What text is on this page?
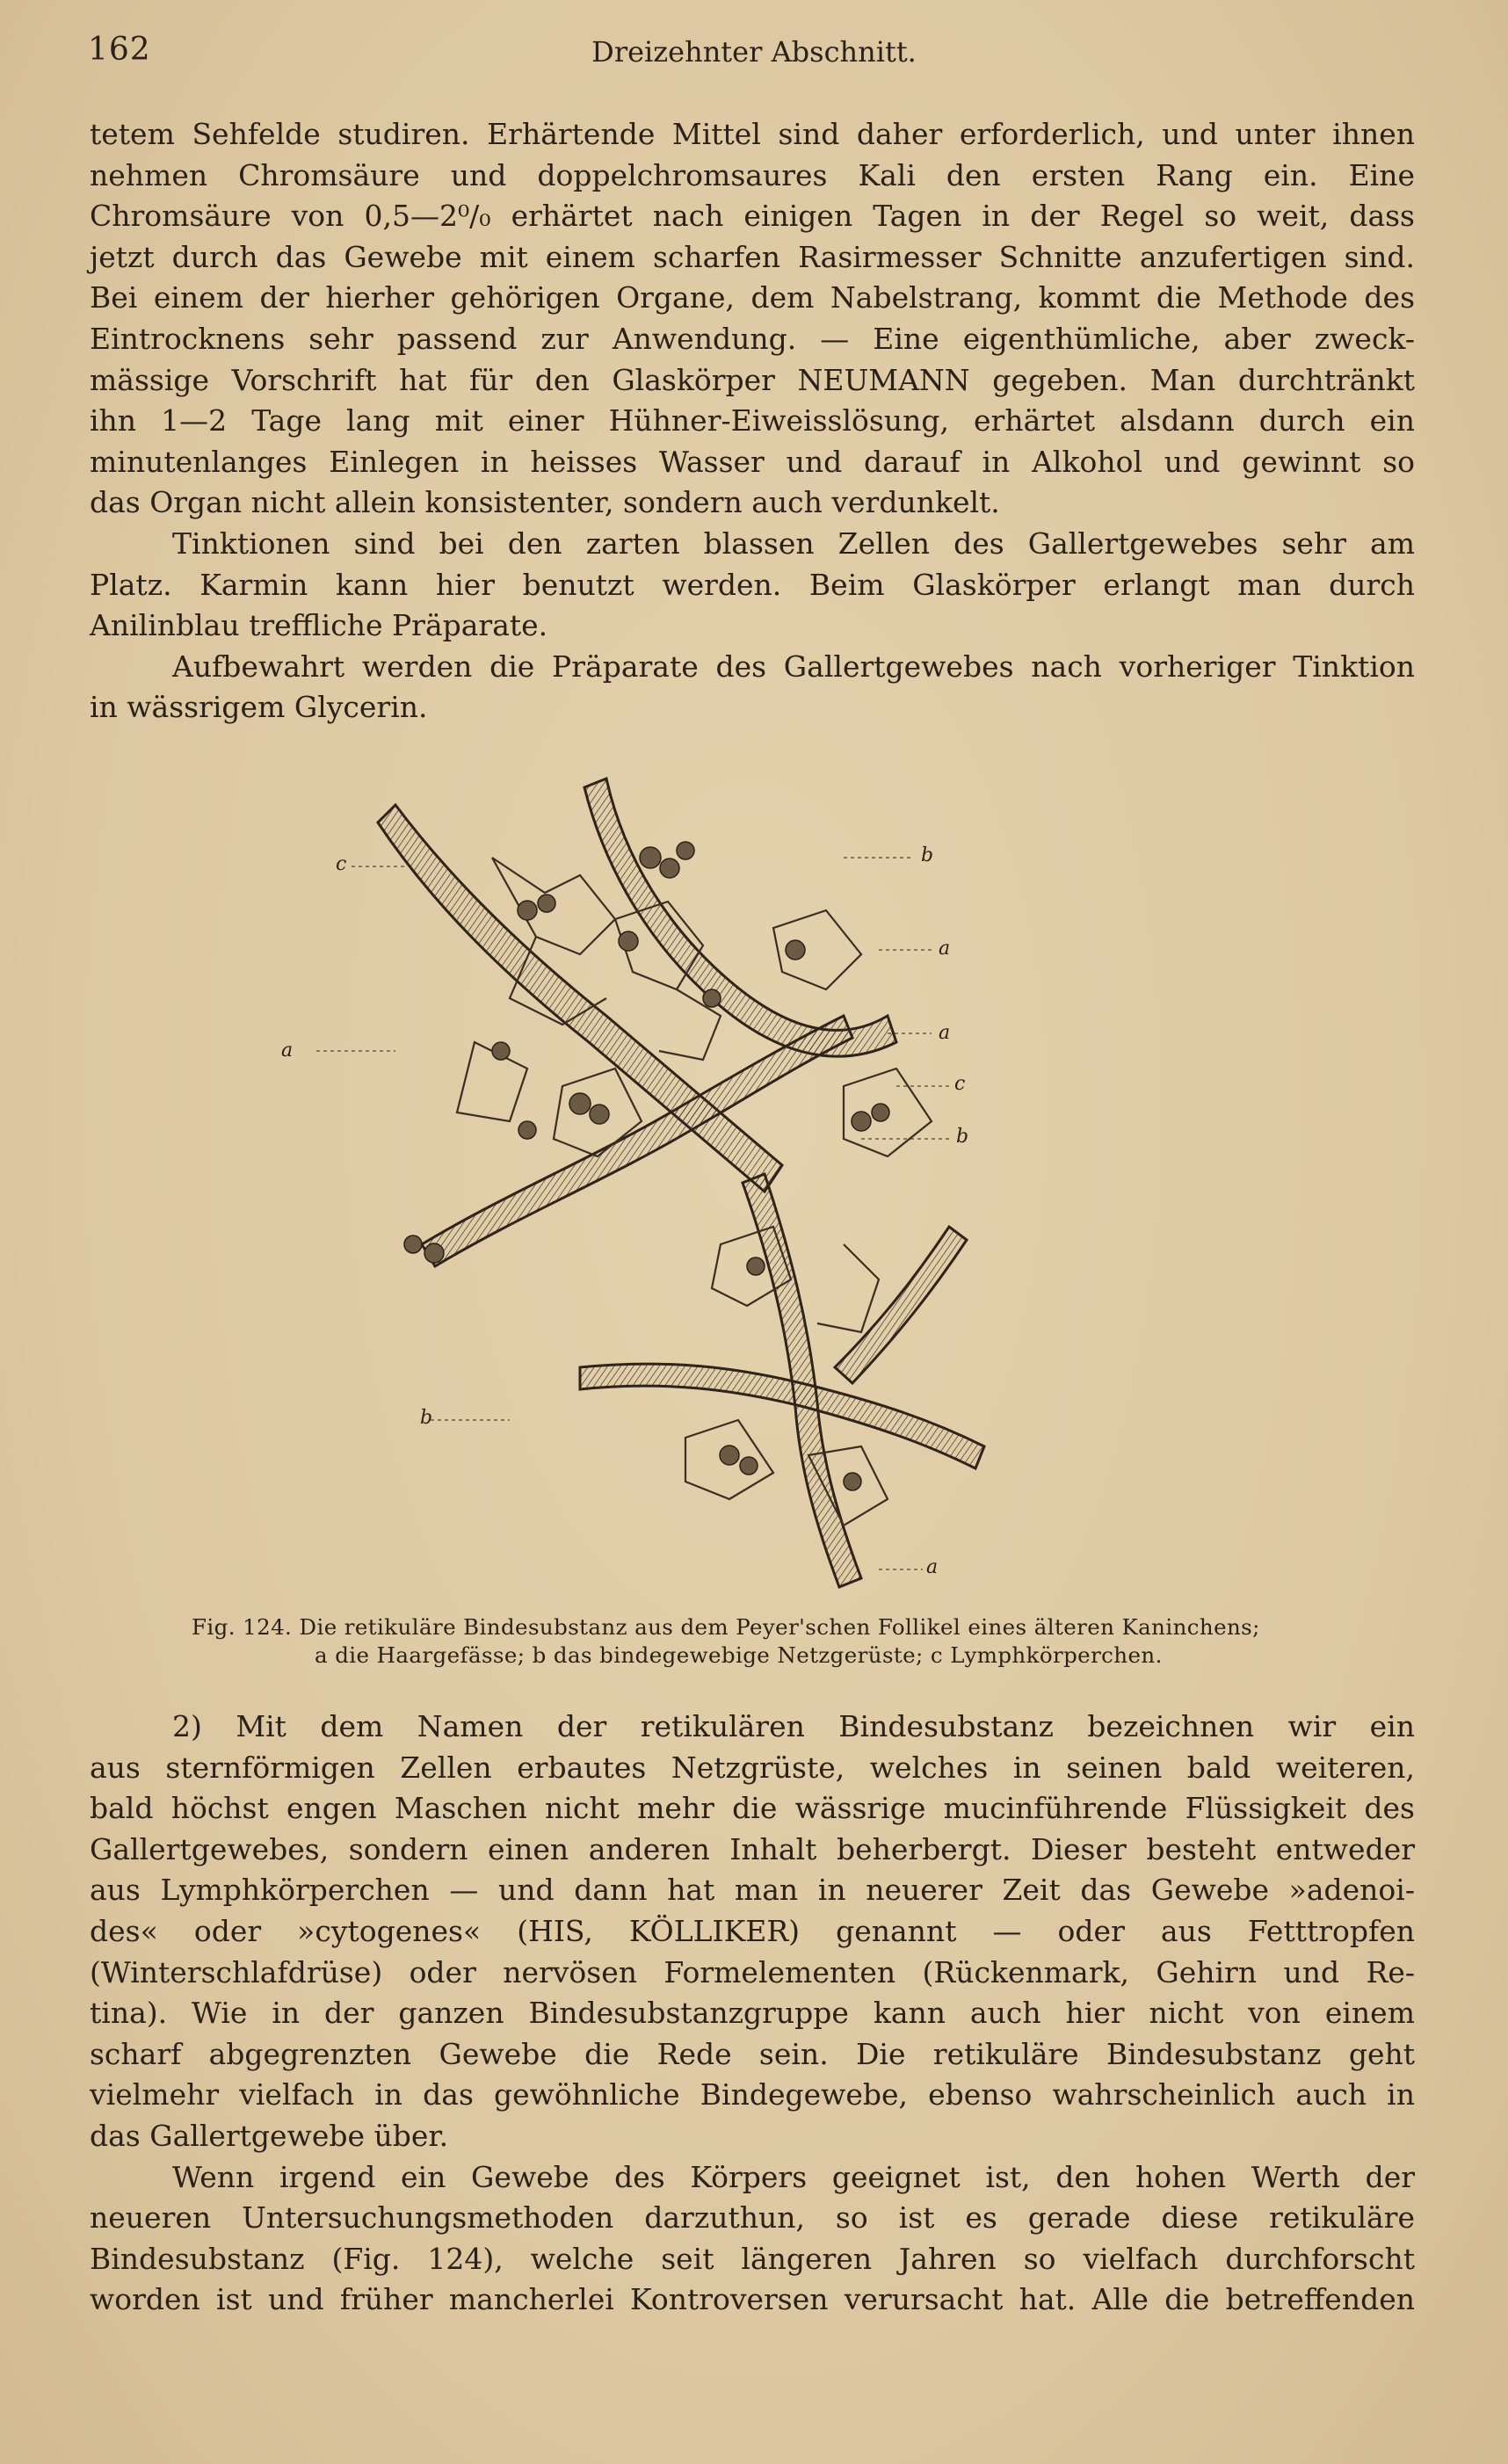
162	Dreizehnter Abschnitt.
tetem Sehfelde studiren. Erhärtende Mittel sind daher erforderlich, und unter ihnen
nehmen Chromsäure und doppelchromsaures Kali den ersten Rang ein. Eine
Chromsäure von 0,5—2⁰/₀ erhärtet nach einigen Tagen in der Regel so weit, dass
jetzt durch das Gewebe mit einem scharfen Rasirmesser Schnitte anzufertigen sind.
Bei einem der hierher gehörigen Organe, dem Nabelstrang, kommt die Methode des
Eintrocknens sehr passend zur Anwendung. — Eine eigenthümliche, aber zweck-
mässige Vorschrift hat für den Glaskörper NEUMANN gegeben. Man durchtränkt
ihn 1—2 Tage lang mit einer Hühner-Eiweisslösung, erhärtet alsdann durch ein
minutenlanges Einlegen in heisses Wasser und darauf in Alkohol und gewinnt so
das Organ nicht allein konsistenter, sondern auch verdunkelt.
Tinktionen sind bei den zarten blassen Zellen des Gallertgewebes sehr am
Platz. Karmin kann hier benutzt werden. Beim Glaskörper erlangt man durch
Anilinblau treffliche Präparate.
Aufbewahrt werden die Präparate des Gallertgewebes nach vorheriger Tinktion
in wässrigem Glycerin.
a
b
c
a
a
c
b
b
a
Fig. 124. Die retikuläre Bindesubstanz aus dem Peyer'schen Follikel eines älteren Kaninchens;
a die Haargefässe; b das bindegewebige Netzgerüste; c Lymphkörperchen.
2) Mit dem Namen der retikulären Bindesubstanz bezeichnen wir ein
aus sternförmigen Zellen erbautes Netzgrüste, welches in seinen bald weiteren,
bald höchst engen Maschen nicht mehr die wässrige mucinführende Flüssigkeit des
Gallertgewebes, sondern einen anderen Inhalt beherbergt. Dieser besteht entweder
aus Lymphkörperchen — und dann hat man in neuerer Zeit das Gewebe »adenoi-
des« oder »cytogenes« (HIS, KÖLLIKER) genannt — oder aus Fetttropfen
(Winterschlafdrüse) oder nervösen Formelementen (Rückenmark, Gehirn und Re-
tina). Wie in der ganzen Bindesubstanzgruppe kann auch hier nicht von einem
scharf abgegrenzten Gewebe die Rede sein. Die retikuläre Bindesubstanz geht
vielmehr vielfach in das gewöhnliche Bindegewebe, ebenso wahrscheinlich auch in
das Gallertgewebe über.
Wenn irgend ein Gewebe des Körpers geeignet ist, den hohen Werth der
neueren Untersuchungsmethoden darzuthun, so ist es gerade diese retikuläre
Bindesubstanz (Fig. 124), welche seit längeren Jahren so vielfach durchforscht
worden ist und früher mancherlei Kontroversen verursacht hat. Alle die betreffenden
